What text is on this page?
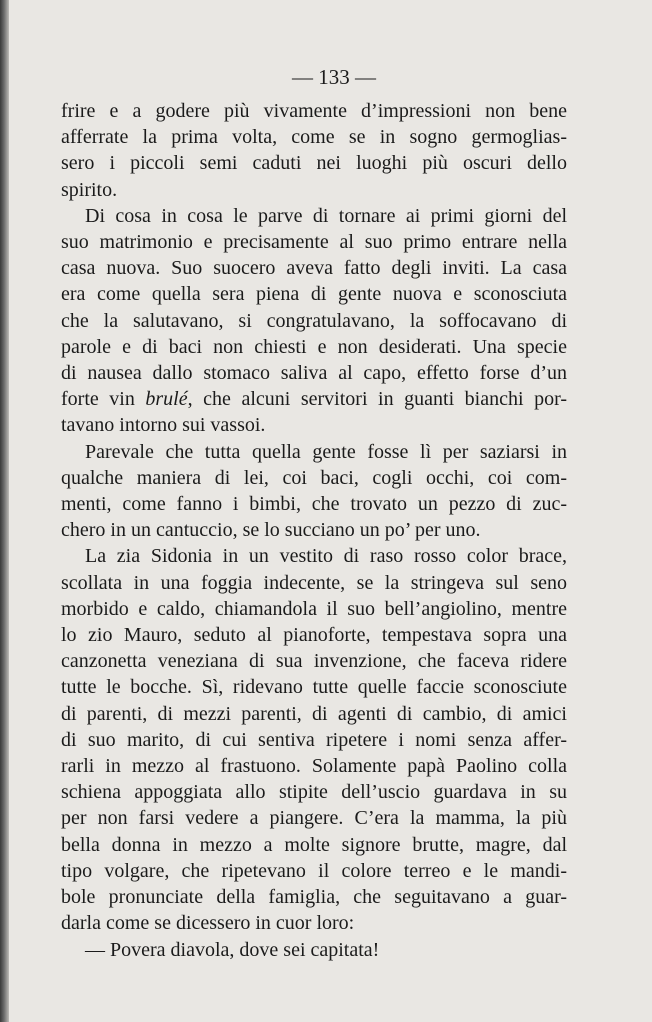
— 133 —
frire e a godere più vivamente d’impressioni non bene
afferrate la prima volta, come se in sogno germoglias-
sero i piccoli semi caduti nei luoghi più oscuri dello
spirito.
Di cosa in cosa le parve di tornare ai primi giorni del
suo matrimonio e precisamente al suo primo entrare nella
casa nuova. Suo suocero aveva fatto degli inviti. La casa
era come quella sera piena di gente nuova e sconosciuta
che la salutavano, si congratulavano, la soffocavano di
parole e di baci non chiesti e non desiderati. Una specie
di nausea dallo stomaco saliva al capo, effetto forse d’un
forte vin brulé, che alcuni servitori in guanti bianchi por-
tavano intorno sui vassoi.
Parevale che tutta quella gente fosse lì per saziarsi in
qualche maniera di lei, coi baci, cogli occhi, coi com-
menti, come fanno i bimbi, che trovato un pezzo di zuc-
chero in un cantuccio, se lo succiano un po’ per uno.
La zia Sidonia in un vestito di raso rosso color brace,
scollata in una foggia indecente, se la stringeva sul seno
morbido e caldo, chiamandola il suo bell’angiolino, mentre
lo zio Mauro, seduto al pianoforte, tempestava sopra una
canzonetta veneziana di sua invenzione, che faceva ridere
tutte le bocche. Sì, ridevano tutte quelle faccie sconosciute
di parenti, di mezzi parenti, di agenti di cambio, di amici
di suo marito, di cui sentiva ripetere i nomi senza affer-
rarli in mezzo al frastuono. Solamente papà Paolino colla
schiena appoggiata allo stipite dell’uscio guardava in su
per non farsi vedere a piangere. C’era la mamma, la più
bella donna in mezzo a molte signore brutte, magre, dal
tipo volgare, che ripetevano il colore terreo e le mandi-
bole pronunciate della famiglia, che seguitavano a guar-
darla come se dicessero in cuor loro:
— Povera diavola, dove sei capitata!
